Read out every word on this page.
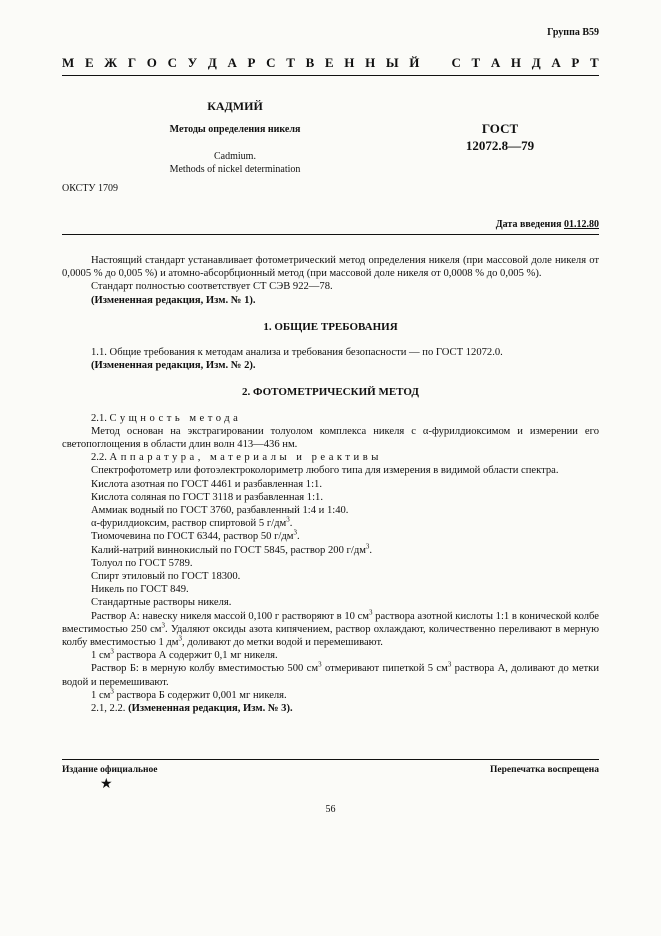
Группа В59
М Е Ж Г О С У Д А Р С Т В Е Н Н Ы Й С Т А Н Д А Р Т
КАДМИЙ
Методы определения никеля
Cadmium.
Methods of nickel determination
ГОСТ
12072.8—79
ОКСТУ 1709
Дата введения 01.12.80

Настоящий стандарт устанавливает фотометрический метод определения никеля (при массовой доле никеля от 0,0005 % до 0,005 %) и атомно-абсорбционный метод (при массовой доле никеля от 0,0008 % до 0,005 %).

Стандарт полностью соответствует СТ СЭВ 922—78.

(Измененная редакция, Изм. № 1).

1. ОБЩИЕ ТРЕБОВАНИЯ

1.1. Общие требования к методам анализа и требования безопасности — по ГОСТ 12072.0.

(Измененная редакция, Изм. № 2).

2. ФОТОМЕТРИЧЕСКИЙ МЕТОД

2.1. Сущность метода

Метод основан на экстрагировании толуолом комплекса никеля с α-фурилдиоксимом и измерении его светопоглощения в области длин волн 413—436 нм.

2.2. Аппаратура, материалы и реактивы

Спектрофотометр или фотоэлектроколориметр любого типа для измерения в видимой области спектра.

Кислота азотная по ГОСТ 4461 и разбавленная 1:1.

Кислота соляная по ГОСТ 3118 и разбавленная 1:1.

Аммиак водный по ГОСТ 3760, разбавленный 1:4 и 1:40.

α-фурилдиоксим, раствор спиртовой 5 $г/дм^3$.

Тиомочевина по ГОСТ 6344, раствор 50 $г/дм^3$.

Калий-натрий виннокислый по ГОСТ 5845, раствор 200 $г/дм^3$.

Толуол по ГОСТ 5789.

Спирт этиловый по ГОСТ 18300.

Никель по ГОСТ 849.

Стандартные растворы никеля.

Раствор А: навеску никеля массой 0,100 г растворяют в 10 $см^3$ раствора азотной кислоты 1:1 в конической колбе вместимостью 250 $см^3$. Удаляют оксиды азота кипячением, раствор охлаждают, количественно переливают в мерную колбу вместимостью 1 $дм^3$, доливают до метки водой и перемешивают.

1 $см^3$ раствора А содержит 0,1 мг никеля.

Раствор Б: в мерную колбу вместимостью 500 $см^3$ отмеривают пипеткой 5 $см^3$ раствора А, доливают до метки водой и перемешивают.

1 $см^3$ раствора Б содержит 0,001 мг никеля.

2.1, 2.2. (Измененная редакция, Изм. № 3).

Издание официальное	Перепечатка воспрещена
★
56
